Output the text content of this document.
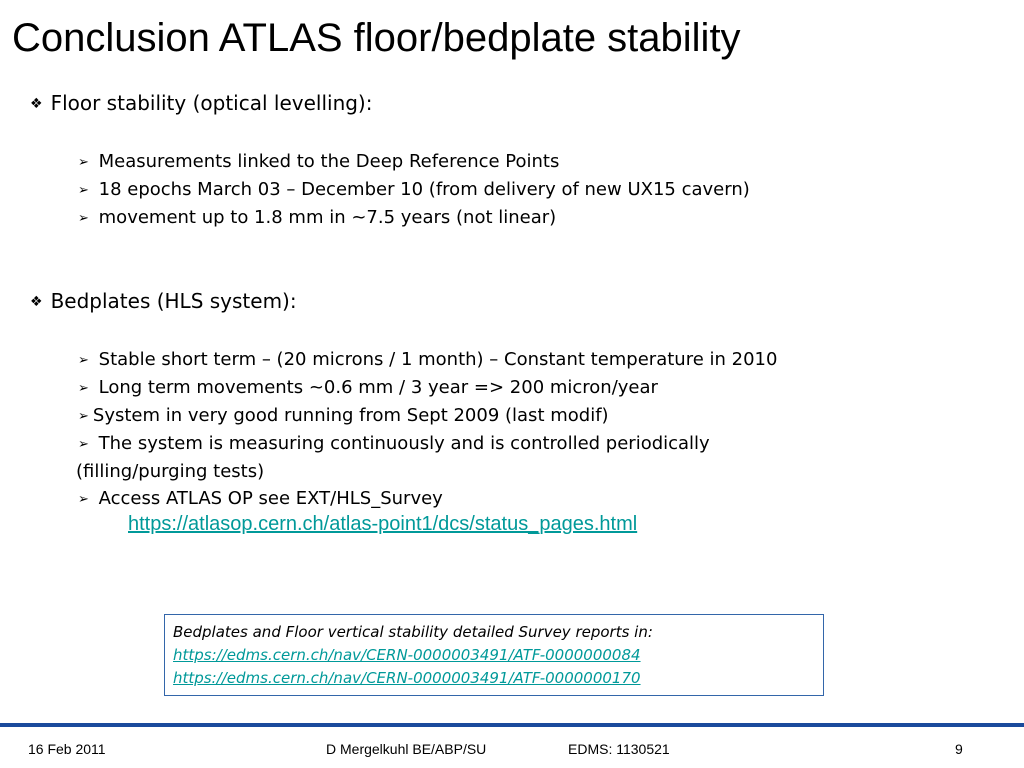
Conclusion ATLAS floor/bedplate stability
❖ Floor stability (optical levelling):
➢ Measurements linked to the Deep Reference Points
➢ 18 epochs March 03 – December 10 (from delivery of new UX15 cavern)
➢ movement up to 1.8 mm in ~7.5 years (not linear)
❖ Bedplates (HLS system):
➢ Stable short term – (20 microns / 1 month) – Constant temperature in 2010
➢ Long term movements ~0.6 mm / 3 year => 200 micron/year
➢ System in very good running from Sept 2009 (last modif)
➢ The system is measuring continuously and is controlled periodically
(filling/purging tests)
➢ Access ATLAS OP see EXT/HLS_Survey
https://atlasop.cern.ch/atlas-point1/dcs/status_pages.html
Bedplates and Floor vertical stability detailed Survey reports in:
https://edms.cern.ch/nav/CERN-0000003491/ATF-0000000084
https://edms.cern.ch/nav/CERN-0000003491/ATF-0000000170
16 Feb 2011	D Mergelkuhl BE/ABP/SU	EDMS: 1130521	9
